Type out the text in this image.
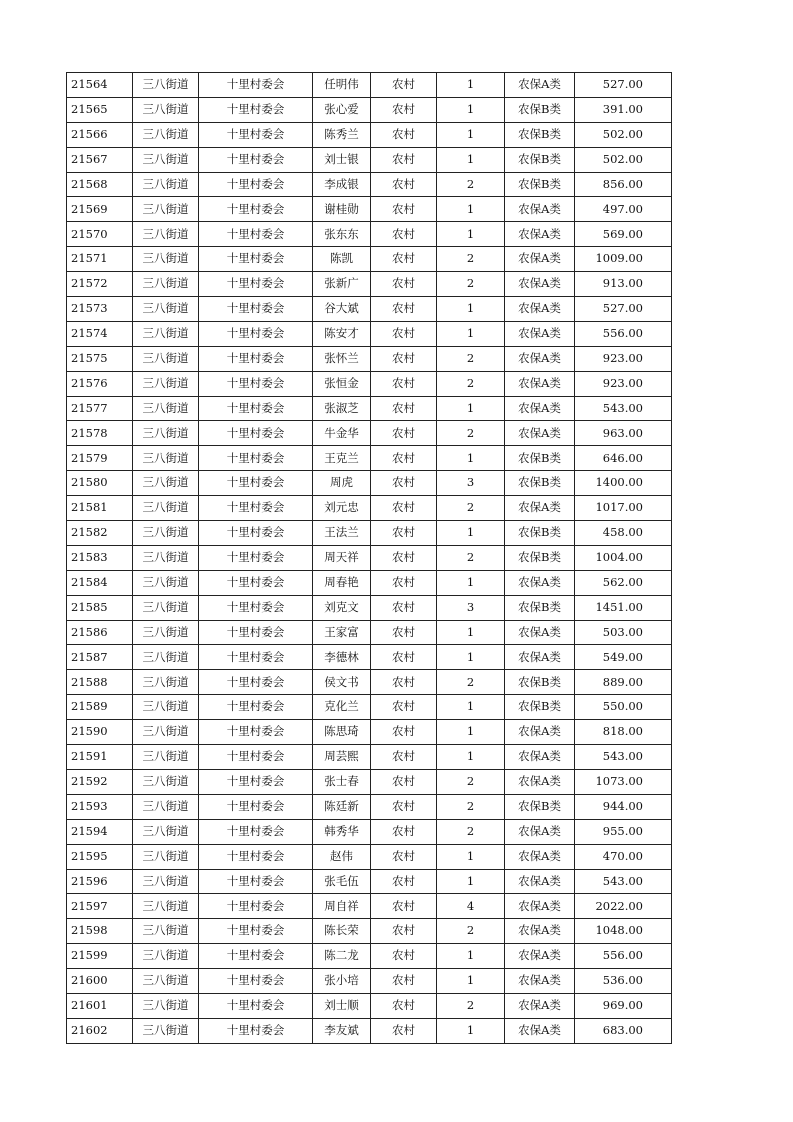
21564	三八街道	十里村委会	任明伟	农村	1	农保A类	527.00
21565	三八街道	十里村委会	张心爱	农村	1	农保B类	391.00
21566	三八街道	十里村委会	陈秀兰	农村	1	农保B类	502.00
21567	三八街道	十里村委会	刘士银	农村	1	农保B类	502.00
21568	三八街道	十里村委会	李成银	农村	2	农保B类	856.00
21569	三八街道	十里村委会	谢桂勋	农村	1	农保A类	497.00
21570	三八街道	十里村委会	张东东	农村	1	农保A类	569.00
21571	三八街道	十里村委会	陈凯	农村	2	农保A类	1009.00
21572	三八街道	十里村委会	张新广	农村	2	农保A类	913.00
21573	三八街道	十里村委会	谷大斌	农村	1	农保A类	527.00
21574	三八街道	十里村委会	陈安才	农村	1	农保A类	556.00
21575	三八街道	十里村委会	张怀兰	农村	2	农保A类	923.00
21576	三八街道	十里村委会	张恒金	农村	2	农保A类	923.00
21577	三八街道	十里村委会	张淑芝	农村	1	农保A类	543.00
21578	三八街道	十里村委会	牛金华	农村	2	农保A类	963.00
21579	三八街道	十里村委会	王克兰	农村	1	农保B类	646.00
21580	三八街道	十里村委会	周虎	农村	3	农保B类	1400.00
21581	三八街道	十里村委会	刘元忠	农村	2	农保A类	1017.00
21582	三八街道	十里村委会	王法兰	农村	1	农保B类	458.00
21583	三八街道	十里村委会	周天祥	农村	2	农保B类	1004.00
21584	三八街道	十里村委会	周春艳	农村	1	农保A类	562.00
21585	三八街道	十里村委会	刘克文	农村	3	农保B类	1451.00
21586	三八街道	十里村委会	王家富	农村	1	农保A类	503.00
21587	三八街道	十里村委会	李德林	农村	1	农保A类	549.00
21588	三八街道	十里村委会	侯文书	农村	2	农保B类	889.00
21589	三八街道	十里村委会	克化兰	农村	1	农保B类	550.00
21590	三八街道	十里村委会	陈思琦	农村	1	农保A类	818.00
21591	三八街道	十里村委会	周芸熙	农村	1	农保A类	543.00
21592	三八街道	十里村委会	张士春	农村	2	农保A类	1073.00
21593	三八街道	十里村委会	陈廷新	农村	2	农保B类	944.00
21594	三八街道	十里村委会	韩秀华	农村	2	农保A类	955.00
21595	三八街道	十里村委会	赵伟	农村	1	农保A类	470.00
21596	三八街道	十里村委会	张毛伍	农村	1	农保A类	543.00
21597	三八街道	十里村委会	周自祥	农村	4	农保A类	2022.00
21598	三八街道	十里村委会	陈长荣	农村	2	农保A类	1048.00
21599	三八街道	十里村委会	陈二龙	农村	1	农保A类	556.00
21600	三八街道	十里村委会	张小培	农村	1	农保A类	536.00
21601	三八街道	十里村委会	刘士顺	农村	2	农保A类	969.00
21602	三八街道	十里村委会	李友斌	农村	1	农保A类	683.00
